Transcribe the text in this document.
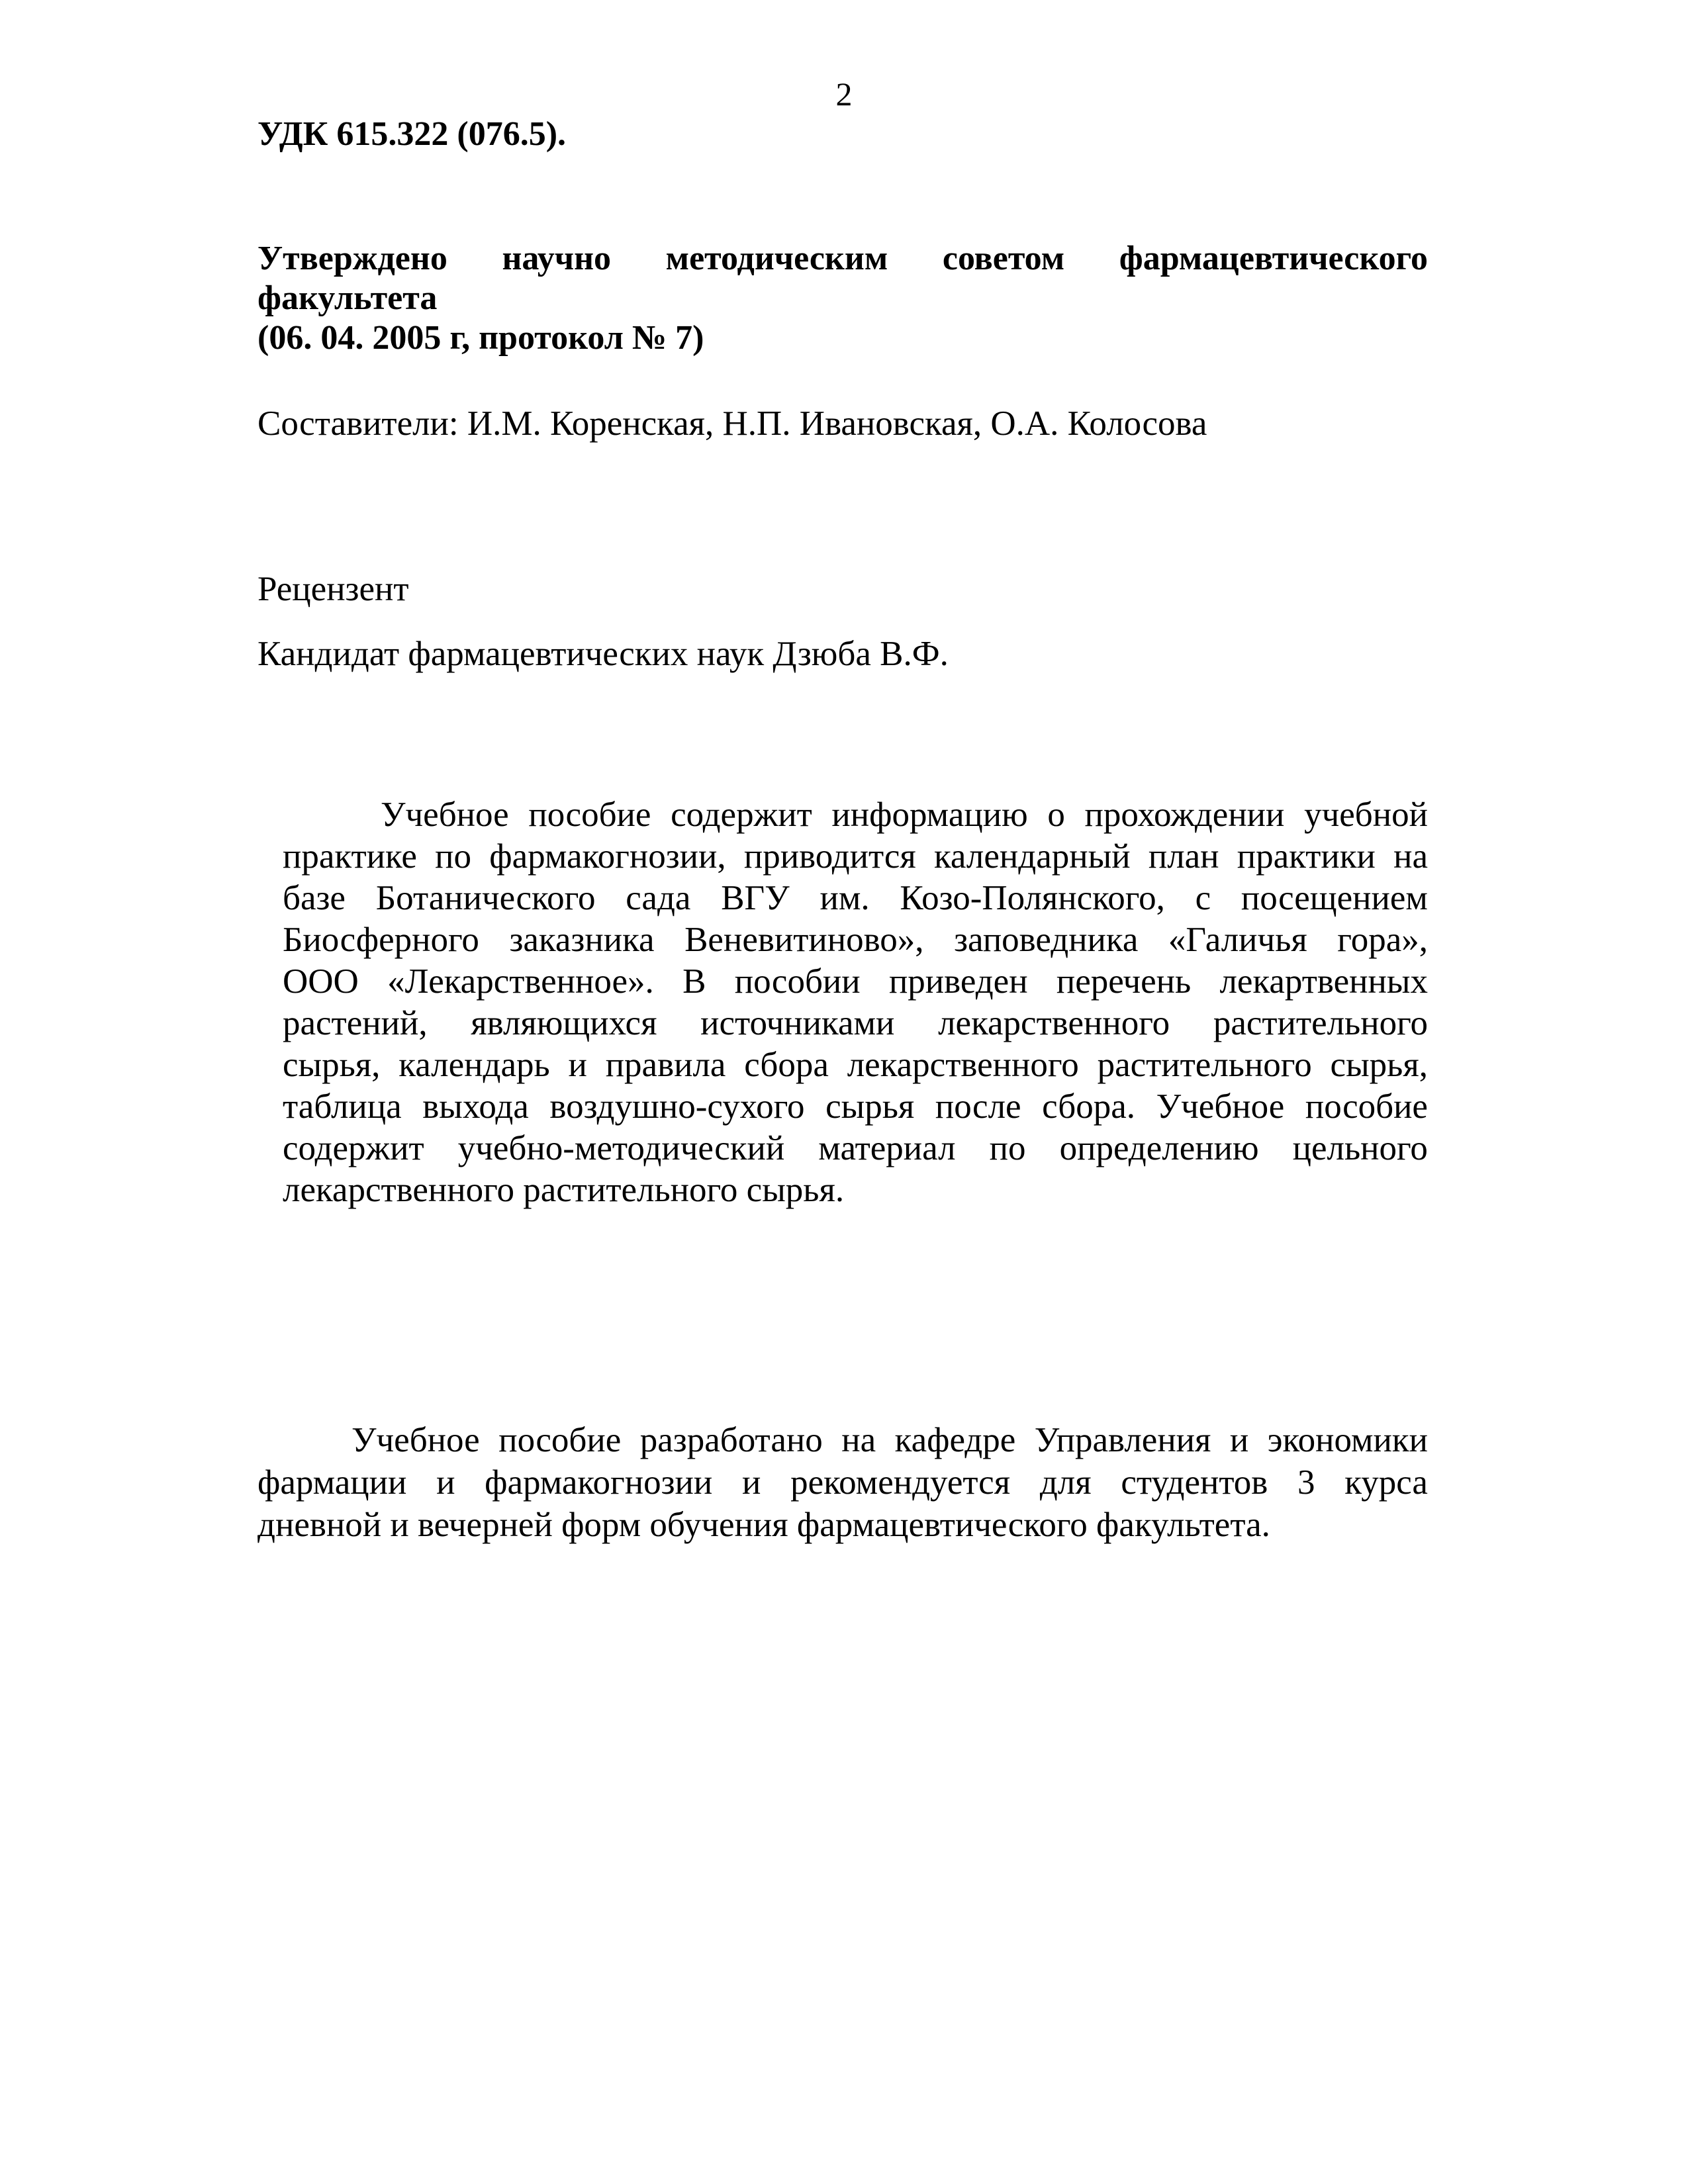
2
УДК 615.322 (076.5).
Утверждено научно методическим советом фармацевтического
факультета
(06. 04. 2005 г, протокол № 7)
Составители: И.М. Коренская, Н.П. Ивановская, О.А. Колосова
Рецензент
Кандидат фармацевтических наук Дзюба В.Ф.
Учебное пособие содержит информацию о прохождении учебной
практике по фармакогнозии, приводится календарный план практики на
базе Ботанического сада ВГУ им. Козо-Полянского, с посещением
Биосферного заказника Веневитиново», заповедника «Галичья гора»,
ООО «Лекарственное». В пособии приведен перечень лекартвенных
растений, являющихся источниками лекарственного растительного
сырья, календарь и правила сбора лекарственного растительного сырья,
таблица выхода воздушно-сухого сырья после сбора. Учебное пособие
содержит учебно-методический материал по определению цельного
лекарственного растительного сырья.
Учебное пособие разработано на кафедре Управления и экономики
фармации и фармакогнозии и рекомендуется для студентов 3 курса
дневной и вечерней форм обучения фармацевтического факультета.
